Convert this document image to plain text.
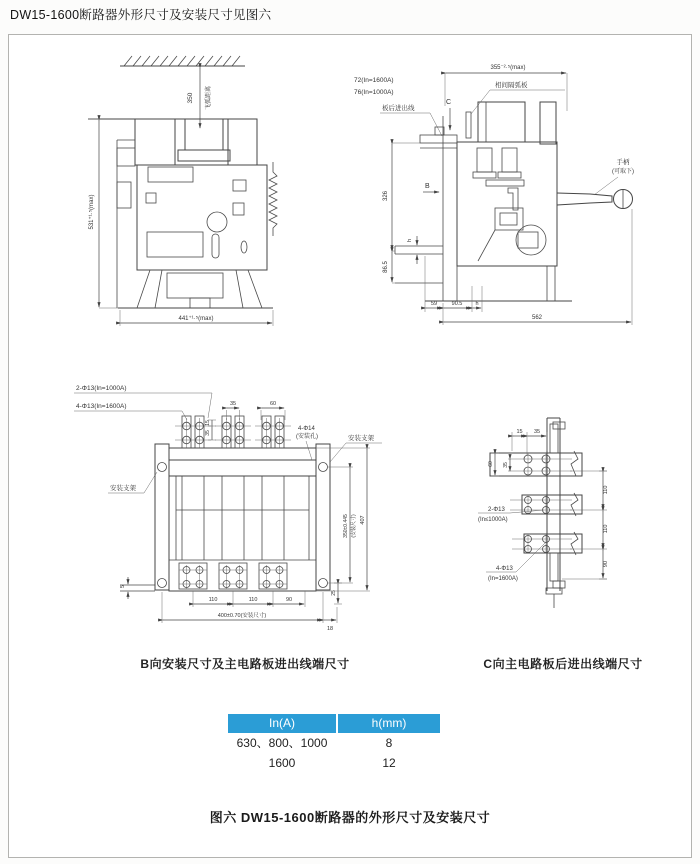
DW15-1600断路器外形尺寸及安装尺寸见图六
350	飞弧距离
531⁺¹·⁵(max)
441⁺¹·⁵(max)
72(In=1600A)
76(In=1000A)
355⁻²·⁵(max)
C
板后进出线
相间隔弧板
手柄
(可取下)
B
h
326
86.5
59	90.5 h
562
2-Φ13(In=1000A)
4-Φ13(In=1600A)	35	60
15
35
4-Φ14
(安装孔)	安装支架
安装支架
5
110	110	90
400±0.70(安装尺寸)
18
25
350±0.445 (安装尺寸) 407
15 35
60 35
110
110
90
2-Φ13
(In≤1000A)
4-Φ13
(In=1600A)
B向安装尺寸及主电路板进出线端尺寸	C向主电路板后进出线端尺寸
In(A)	h(mm)
630、800、1000	8
1600	12
图六 DW15-1600断路器的外形尺寸及安装尺寸
